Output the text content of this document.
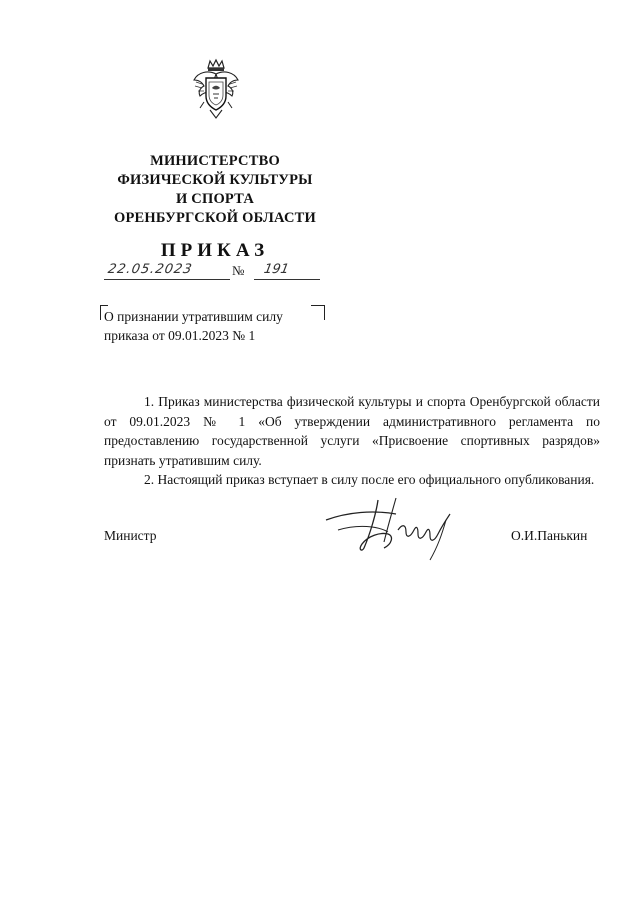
МИНИСТЕРСТВО
ФИЗИЧЕСКОЙ КУЛЬТУРЫ
И СПОРТА
ОРЕНБУРГСКОЙ ОБЛАСТИ
ПРИКАЗ
22.05.2023	№ 191
О признании утратившим силу
приказа от 09.01.2023 № 1

1. Приказ министерства физической культуры и спорта Оренбургской области от 09.01.2023 № 1 «Об утверждении административного регламента по предоставлению государственной услуги «Присвоение спортивных разрядов» признать утратившим силу.

2. Настоящий приказ вступает в силу после его официального опубликования.

Министр	О.И.Панькин
